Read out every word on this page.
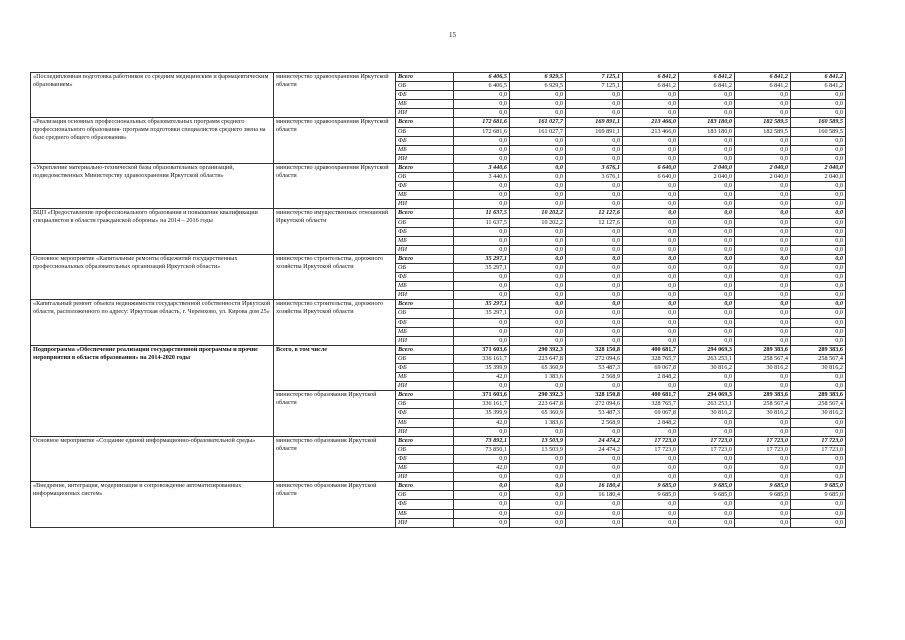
15
«Последипломная подготовка работников со средним медицинским и фармацевтическим образованием»	министерство здравоохранения Иркутской области	Всего	6 406,5	6 929,5	7 125,1	6 841,2	6 841,2	6 841,2	6 841,2
		ОБ	6 406,5	6 929,5	7 125,1	6 841,2	6 841,2	6 841,2	6 841,2
		ФБ	0,0	0,0	0,0	0,0	0,0	0,0	0,0
		МБ	0,0	0,0	0,0	0,0	0,0	0,0	0,0
		ИИ	0,0	0,0	0,0	0,0	0,0	0,0	0,0
«Реализация основных профессиональных образовательных программ среднего профессионального образования- программ подготовки специалистов среднего звена на базе среднего общего образования»	министерство здравоохранения Иркутской области	Всего	172 681,6	161 027,7	169 891,1	213 466,0	183 180,0	182 589,5	160 589,5
		ОБ	172 681,6	161 027,7	169 891,1	213 466,0	183 180,0	182 589,5	160 589,5
		ФБ	0,0	0,0	0,0	0,0	0,0	0,0	0,0
		МБ	0,0	0,0	0,0	0,0	0,0	0,0	0,0
		ИИ	0,0	0,0	0,0	0,0	0,0	0,0	0,0
«Укрепление материально-технической базы образовательных организаций, подведомственных Министерству здравоохранения Иркутской области»	министерство здравоохранения Иркутской области	Всего	3 440,6	0,0	3 676,1	6 640,0	2 040,0	2 040,0	2 040,0
		ОБ	3 440,6	0,0	3 676,1	6 640,0	2 040,0	2 040,0	2 040,0
		ФБ	0,0	0,0	0,0	0,0	0,0	0,0	0,0
		МБ	0,0	0,0	0,0	0,0	0,0	0,0	0,0
		ИИ	0,0	0,0	0,0	0,0	0,0	0,0	0,0
ВЦП «Предоставление профессионального образования и повышение квалификации специалистов в области гражданской обороны» на 2014 – 2016 годы	министерство имущественных отношений Иркутской области	Всего	11 637,5	10 202,2	12 127,6	0,0	0,0	0,0	0,0
		ОБ	11 637,5	10 202,2	12 127,6	0,0	0,0	0,0	0,0
		ФБ	0,0	0,0	0,0	0,0	0,0	0,0	0,0
		МБ	0,0	0,0	0,0	0,0	0,0	0,0	0,0
		ИИ	0,0	0,0	0,0	0,0	0,0	0,0	0,0
Основное мероприятие «Капитальные ремонты общежитий государственных профессиональных образовательных организаций Иркутской области»	министерство строительства, дорожного хозяйства Иркутской области	Всего	35 297,1	0,0	0,0	0,0	0,0	0,0	0,0
		ОБ	35 297,1	0,0	0,0	0,0	0,0	0,0	0,0
		ФБ	0,0	0,0	0,0	0,0	0,0	0,0	0,0
		МБ	0,0	0,0	0,0	0,0	0,0	0,0	0,0
		ИИ	0,0	0,0	0,0	0,0	0,0	0,0	0,0
«Капитальный ремонт объекта недвижимости государственной собственности Иркутской области, расположенного по адресу: Иркутская область, г. Черемхово, ул. Кирова дом 25»	министерство строительства, дорожного хозяйства Иркутской области	Всего	35 297,1	0,0	0,0	0,0	0,0	0,0	0,0
		ОБ	35 297,1	0,0	0,0	0,0	0,0	0,0	0,0
		ФБ	0,0	0,0	0,0	0,0	0,0	0,0	0,0
		МБ	0,0	0,0	0,0	0,0	0,0	0,0	0,0
		ИИ	0,0	0,0	0,0	0,0	0,0	0,0	0,0
Подпрограмма «Обеспечение реализации государственной программы и прочие мероприятия в области образования» на 2014-2020 годы	Всего, в том числе	Всего	371 603,6	290 392,3	328 150,8	400 681,7	294 069,3	289 383,6	289 383,6
		ОБ	336 161,7	223 647,8	272 094,6	328 765,7	263 253,1	258 567,4	258 567,4
		ФБ	35 399,9	65 360,9	53 487,3	69 067,8	30 816,2	30 816,2	30 816,2
		МБ	42,0	1 383,6	2 568,9	2 848,2	0,0	0,0	0,0
		ИИ	0,0	0,0	0,0	0,0	0,0	0,0	0,0
	министерство образования Иркутской области	Всего	371 603,6	290 392,3	328 150,8	400 681,7	294 069,3	289 383,6	289 383,6
		ОБ	336 161,7	223 647,8	272 094,6	328 765,7	263 253,1	258 567,4	258 567,4
		ФБ	35 399,9	65 360,9	53 487,3	69 067,8	30 816,2	30 816,2	30 816,2
		МБ	42,0	1 383,6	2 568,9	2 848,2	0,0	0,0	0,0
		ИИ	0,0	0,0	0,0	0,0	0,0	0,0	0,0
Основное мероприятие «Создание единой информационно-образовательной среды»	министерство образования Иркутской области	Всего	73 892,1	13 503,9	24 474,2	17 723,0	17 723,0	17 723,0	17 723,0
		ОБ	73 850,1	13 503,9	24 474,2	17 723,0	17 723,0	17 723,0	17 723,0
		ФБ	0,0	0,0	0,0	0,0	0,0	0,0	0,0
		МБ	42,0	0,0	0,0	0,0	0,0	0,0	0,0
		ИИ	0,0	0,0	0,0	0,0	0,0	0,0	0,0
«Внедрение, интеграция, модернизация и сопровождение автоматизированных информационных систем»	министерство образования Иркутской области	Всего	0,0	0,0	16 180,4	9 685,0	9 685,0	9 685,0	9 685,0
		ОБ	0,0	0,0	16 180,4	9 685,0	9 685,0	9 685,0	9 685,0
		ФБ	0,0	0,0	0,0	0,0	0,0	0,0	0,0
		МБ	0,0	0,0	0,0	0,0	0,0	0,0	0,0
		ИИ	0,0	0,0	0,0	0,0	0,0	0,0	0,0
